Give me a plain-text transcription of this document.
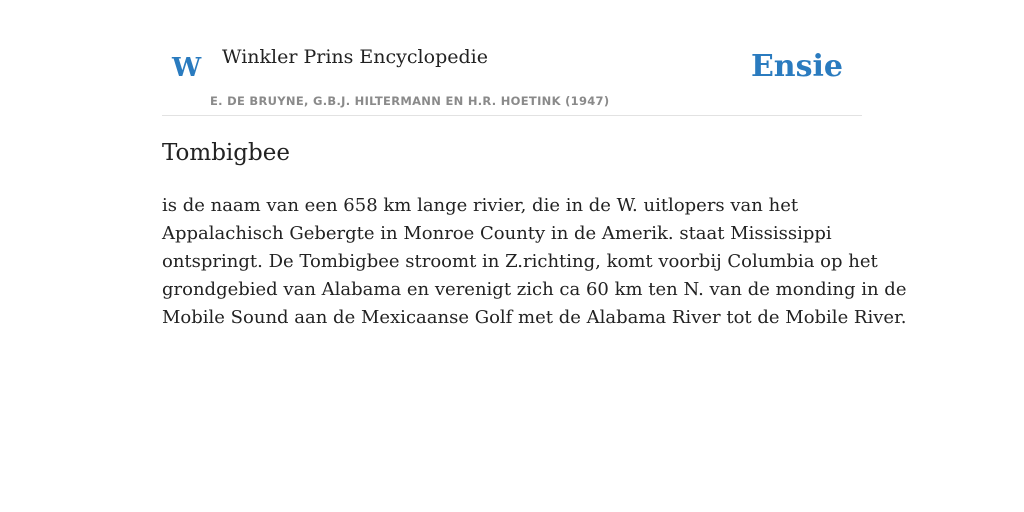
W Winkler Prins Encyclopedie
E. DE BRUYNE, G.B.J. HILTERMANN EN H.R. HOETINK (1947)
Ensie
Tombigbee

is de naam van een 658 km lange rivier, die in de W. uitlopers van het
Appalachisch Gebergte in Monroe County in de Amerik. staat Mississippi
ontspringt. De Tombigbee stroomt in Z.richting, komt voorbij Columbia op het
grondgebied van Alabama en verenigt zich ca 60 km ten N. van de monding in de
Mobile Sound aan de Mexicaanse Golf met de Alabama River tot de Mobile River.
